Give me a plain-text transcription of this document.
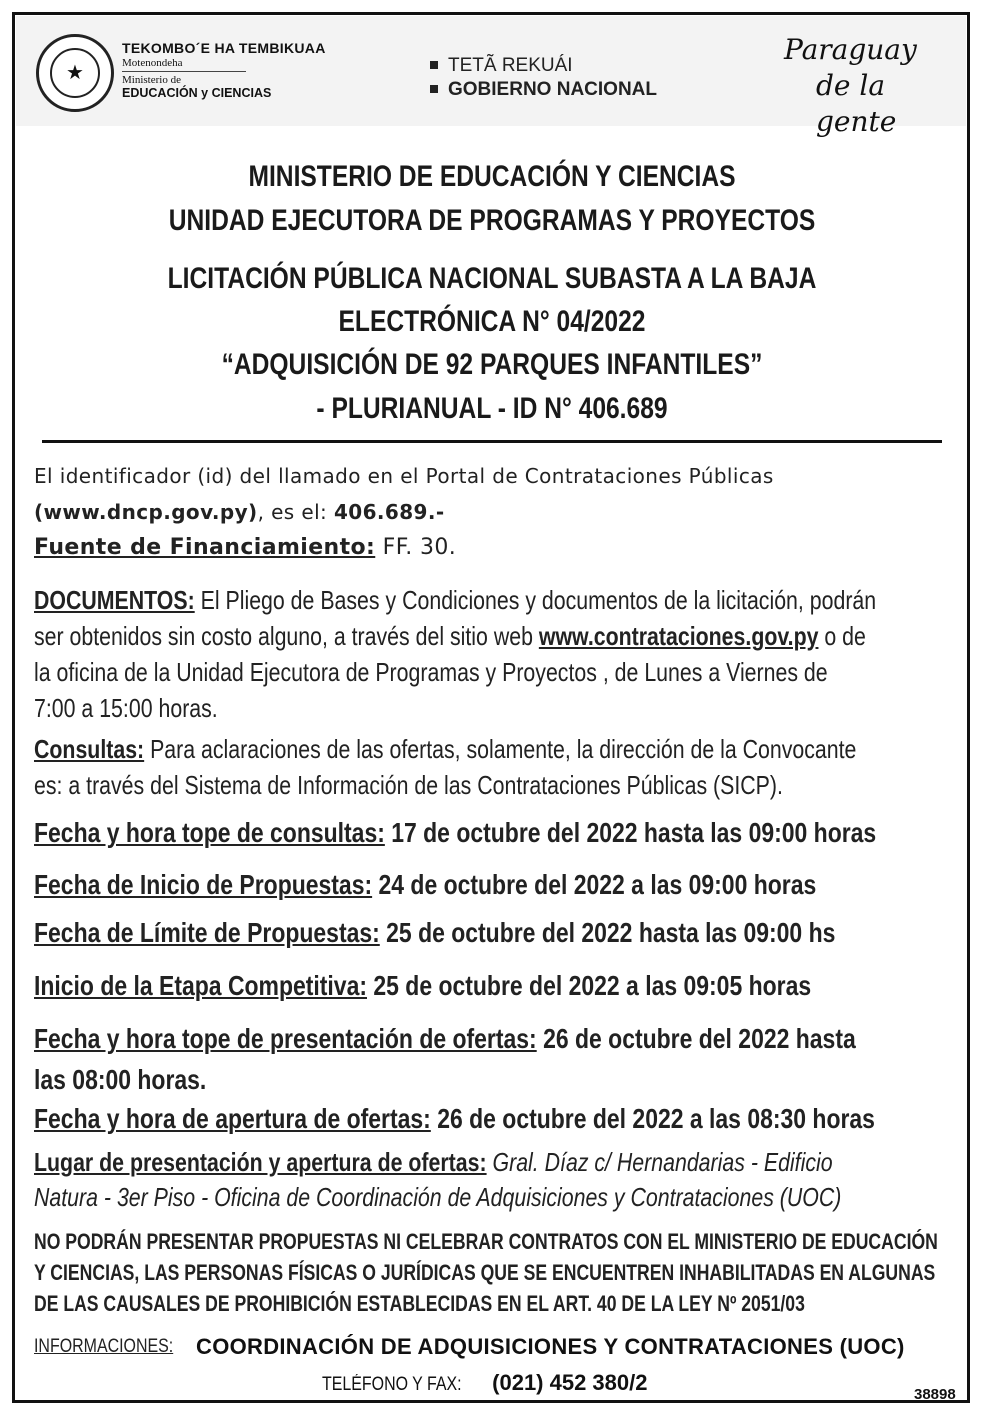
★
TEKOMBO´E HA TEMBIKUAA
Motenondeha
Ministerio de
EDUCACIÓN y CIENCIAS
TETÃ REKUÁI
GOBIERNO NACIONAL
Paraguay
de la gente
MINISTERIO DE EDUCACIÓN Y CIENCIAS
UNIDAD EJECUTORA DE PROGRAMAS Y PROYECTOS
LICITACIÓN PÚBLICA NACIONAL SUBASTA A LA BAJA
ELECTRÓNICA N° 04/2022
“ADQUISICIÓN DE 92 PARQUES INFANTILES”
- PLURIANUAL - ID N° 406.689
El identificador (id) del llamado en el Portal de Contrataciones Públicas
(www.dncp.gov.py), es el: 406.689.-
Fuente de Financiamiento: FF. 30.
DOCUMENTOS: El Pliego de Bases y Condiciones y documentos de la licitación, podrán
ser obtenidos sin costo alguno, a través del sitio web www.contrataciones.gov.py o de
la oficina de la Unidad Ejecutora de Programas y Proyectos , de Lunes a Viernes de
7:00 a 15:00 horas.
Consultas: Para aclaraciones de las ofertas, solamente, la dirección de la Convocante
es: a través del Sistema de Información de las Contrataciones Públicas (SICP).
Fecha y hora tope de consultas: 17 de octubre del 2022 hasta las 09:00 horas
Fecha de Inicio de Propuestas: 24 de octubre del 2022 a las 09:00 horas
Fecha de Límite de Propuestas: 25 de octubre del 2022 hasta las 09:00 hs
Inicio de la Etapa Competitiva: 25 de octubre del 2022 a las 09:05 horas
Fecha y hora tope de presentación de ofertas: 26 de octubre del 2022 hasta
las 08:00 horas.
Fecha y hora de apertura de ofertas: 26 de octubre del 2022 a las 08:30 horas
Lugar de presentación y apertura de ofertas: Gral. Díaz c/ Hernandarias - Edificio
Natura - 3er Piso - Oficina de Coordinación de Adquisiciones y Contrataciones (UOC)
NO PODRÁN PRESENTAR PROPUESTAS NI CELEBRAR CONTRATOS CON EL MINISTERIO DE EDUCACIÓN
Y CIENCIAS, LAS PERSONAS FÍSICAS O JURÍDICAS QUE SE ENCUENTREN INHABILITADAS EN ALGUNAS
DE LAS CAUSALES DE PROHIBICIÓN ESTABLECIDAS EN EL ART. 40 DE LA LEY Nº 2051/03
INFORMACIONES:	COORDINACIÓN DE ADQUISICIONES Y CONTRATACIONES (UOC)
TELÉFONO Y FAX: (021) 452 380/2	38898
